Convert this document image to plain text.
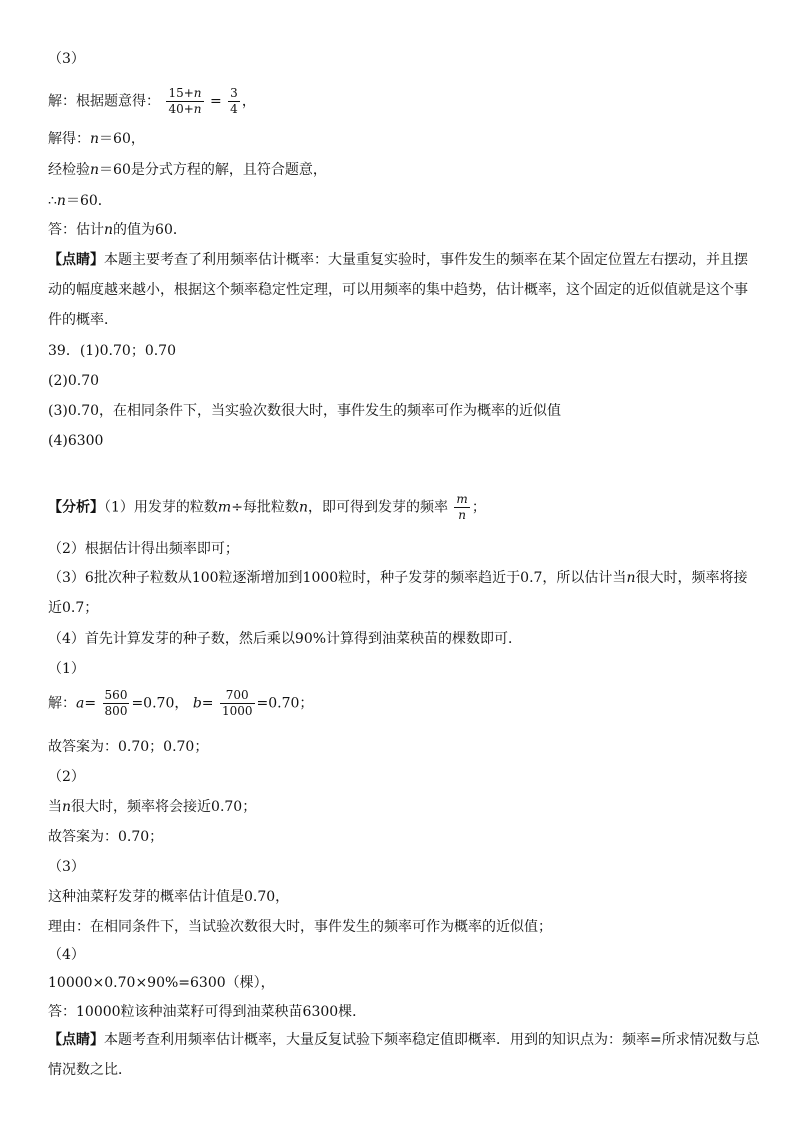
（3）
解：根据题意得： $\frac{15+n}{40+n} = \frac{3}{4}$ ，
解得：n＝60，
经检验n＝60是分式方程的解，且符合题意，
∴n＝60．
答：估计n的值为60．
【点睛】本题主要考查了利用频率估计概率：大量重复实验时，事件发生的频率在某个固定位置左右摆动，并且摆动的幅度越来越小，根据这个频率稳定性定理，可以用频率的集中趋势，估计概率，这个固定的近似值就是这个事件的概率．
39．(1)0.70；0.70
(2)0.70
(3)0.70，在相同条件下，当实验次数很大时，事件发生的频率可作为概率的近似值
(4)6300
【分析】（1）用发芽的粒数m÷每批粒数n，即可得到发芽的频率 $\frac{m}{n}$ ；
（2）根据估计得出频率即可；
（3）6批次种子粒数从100粒逐渐增加到1000粒时，种子发芽的频率趋近于0.7，所以估计当n很大时，频率将接近0.7；
（4）首先计算发芽的种子数，然后乘以90%计算得到油菜秧苗的棵数即可．
（1）
解：$a= \frac{560}{800} =0.70$， $b= \frac{700}{1000} =0.70$；
故答案为：0.70；0.70；
（2）
当n很大时，频率将会接近0.70；
故答案为：0.70；
（3）
这种油菜籽发芽的概率估计值是0.70，
理由：在相同条件下，当试验次数很大时，事件发生的频率可作为概率的近似值；
（4）
10000×0.70×90%=6300（棵），
答：10000粒该种油菜籽可得到油菜秧苗6300棵．
【点睛】本题考查利用频率估计概率，大量反复试验下频率稳定值即概率．用到的知识点为：频率=所求情况数与总情况数之比．
